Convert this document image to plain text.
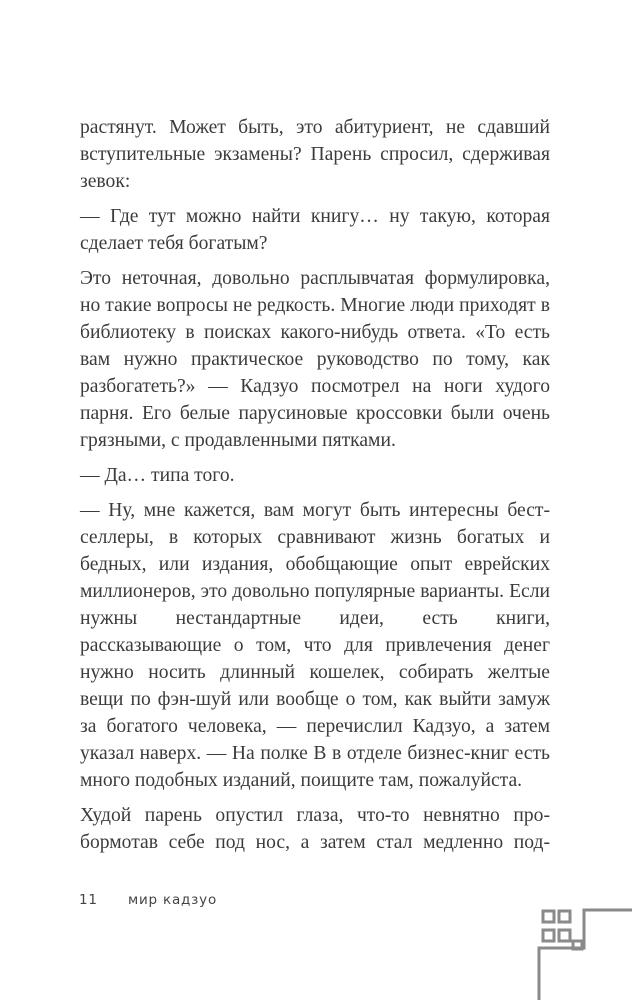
растянут. Может быть, это абитуриент, не сдавший вступительные экзамены? Парень спросил, сдерживая зевок:

— Где тут можно найти книгу… ну такую, которая сделает тебя богатым?

Это неточная, довольно расплывчатая формулировка, но такие вопросы не редкость. Многие люди приходят в библиотеку в поисках какого-нибудь ответа. «То есть вам нужно практическое руководство по тому, как разбогатеть?» — Кадзуо посмотрел на ноги худого парня. Его белые парусиновые кроссовки были очень грязными, с продавленными пятками.

— Да… типа того.

— Ну, мне кажется, вам могут быть интересны бестселлеры, в которых сравнивают жизнь богатых и бедных, или издания, обобщающие опыт еврейских миллионеров, это довольно популярные варианты. Если нужны нестандартные идеи, есть книги, рассказывающие о том, что для привлечения денег нужно носить длинный кошелек, собирать желтые вещи по фэн-шуй или вообще о том, как выйти замуж за богатого человека, — перечислил Кадзуо, а затем указал наверх. — На полке B в отделе бизнес-книг есть много подобных изданий, поищите там, пожалуйста.

Худой парень опустил глаза, что-то невнятно пробормотав себе под нос, а затем стал медленно под-

11	мир кадзуо
